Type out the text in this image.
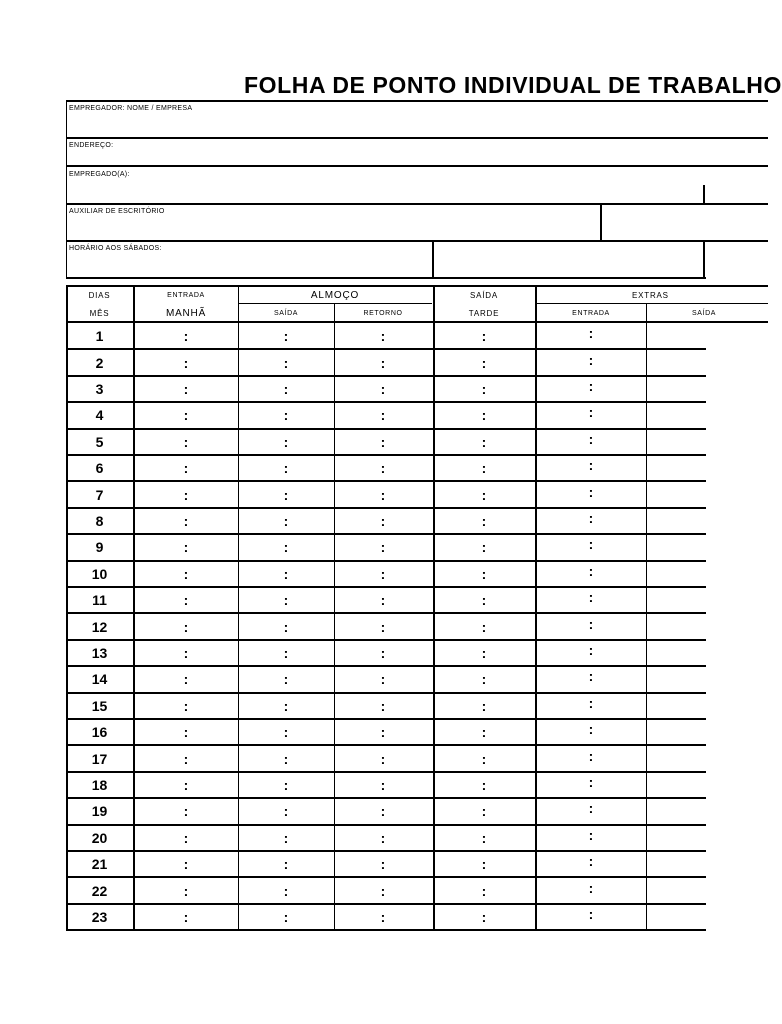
FOLHA DE PONTO INDIVIDUAL DE TRABALHO
EMPREGADOR: NOME / EMPRESA
ENDEREÇO:
EMPREGADO(A):
AUXILIAR DE ESCRITÓRIO
HORÁRIO AOS SÁBADOS:
DIAS
MÊS
ENTRADA
MANHÃ
ALMOÇO
SAÍDA	RETORNO
SAÍDA
TARDE
EXTRAS
ENTRADA	SAÍDA
1	:	:	:	:	:
2	:	:	:	:	:
3	:	:	:	:	:
4	:	:	:	:	:
5	:	:	:	:	:
6	:	:	:	:	:
7	:	:	:	:	:
8	:	:	:	:	:
9	:	:	:	:	:
10	:	:	:	:	:
11	:	:	:	:	:
12	:	:	:	:	:
13	:	:	:	:	:
14	:	:	:	:	:
15	:	:	:	:	:
16	:	:	:	:	:
17	:	:	:	:	:
18	:	:	:	:	:
19	:	:	:	:	:
20	:	:	:	:	:
21	:	:	:	:	:
22	:	:	:	:	:
23	:	:	:	:	:
